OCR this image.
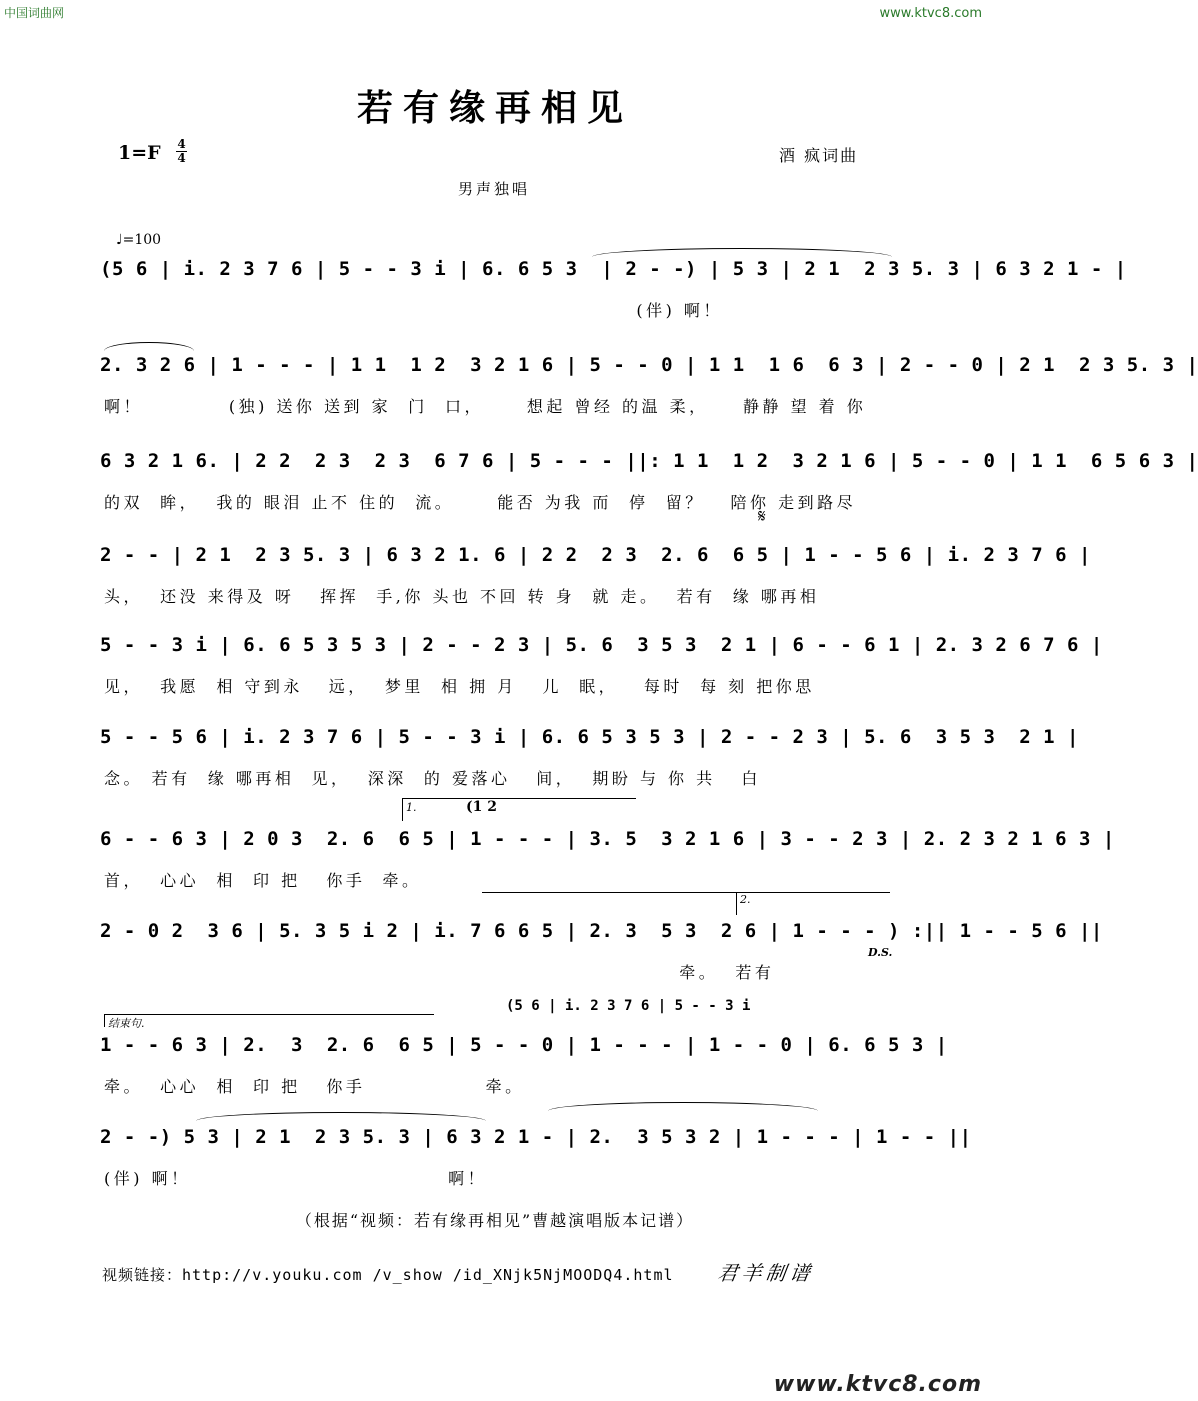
中国词曲网	www.ktvc8.com
若有缘再相见
1=F 4
4	酒 疯词曲
男声独唱
♩=100
(5 6 | i. 2 3 7 6 | 5 - - 3 i | 6. 6 5 3  | 2 - -) | 5 3 | 2 1  2 3 5. 3 | 6 3 2 1 - |
(伴) 啊！
2. 3 2 6 | 1 - - - | 1 1  1 2  3 2 1 6 | 5 - - 0 | 1 1  1 6  6 3 | 2 - - 0 | 2 1  2 3 5. 3 |
啊！          (独) 送你 送到 家  门  口，     想起 曾经 的温 柔，    静静 望 着 你
6 3 2 1 6. | 2 2  2 3  2 3  6 7 6 | 5 - - - ||: 1 1  1 2  3 2 1 6 | 5 - - 0 | 1 1  6 5 6 3 |
的双  眸，  我的 眼泪 止不 住的  流。     能否 为我 而  停  留？   陪你 走到路尽
2 - - | 2 1  2 3 5. 3 | 6 3 2 1. 6 | 2 2  2 3  2. 6  6 5 | 1 - - 5 6 | i. 2 3 7 6 |
头，  还没 来得及 呀   挥挥  手,你 头也 不回 转 身  就 走。  若有  缘 哪再相
𝄋
5 - - 3 i | 6. 6 5 3 5 3 | 2 - - 2 3 | 5. 6  3 5 3  2 1 | 6 - - 6 1 | 2. 3 2 6 7 6 |
见，  我愿  相 守到永   远，  梦里  相 拥 月   儿  眠，   每时  每 刻 把你思
5 - - 5 6 | i. 2 3 7 6 | 5 - - 3 i | 6. 6 5 3 5 3 | 2 - - 2 3 | 5. 6  3 5 3  2 1 |
念。 若有  缘 哪再相  见，  深深  的 爱落心   间，  期盼 与 你 共   白
1.	(1 2
6 - - 6 3 | 2 0 3  2. 6  6 5 | 1 - - - | 3. 5  3 2 1 6 | 3 - - 2 3 | 2. 2 3 2 1 6 3 |
首，  心心  相  印 把   你手  牵。
2.
2 - 0 2  3 6 | 5. 3 5 i 2 | i. 7 6 6 5 | 2. 3  5 3  2 6 | 1 - - - ) :|| 1 - - 5 6 ||
牵。  若有
D.S.
结束句.
(5 6 | i. 2 3 7 6 | 5 - - 3 i
1 - - 6 3 | 2.  3  2. 6  6 5 | 5 - - 0 | 1 - - - | 1 - - 0 | 6. 6 5 3 |
牵。  心心  相  印 把   你手              牵。
2 - -) 5 3 | 2 1  2 3 5. 3 | 6 3 2 1 - | 2.  3 5 3 2 | 1 - - - | 1 - - ||
(伴) 啊！                              啊！
（根据“视频：若有缘再相见”曹越演唱版本记谱）
视频链接：http://v.youku.com /v_show /id_XNjk5NjMOODQ4.html 君羊制谱
www.ktvc8.com
